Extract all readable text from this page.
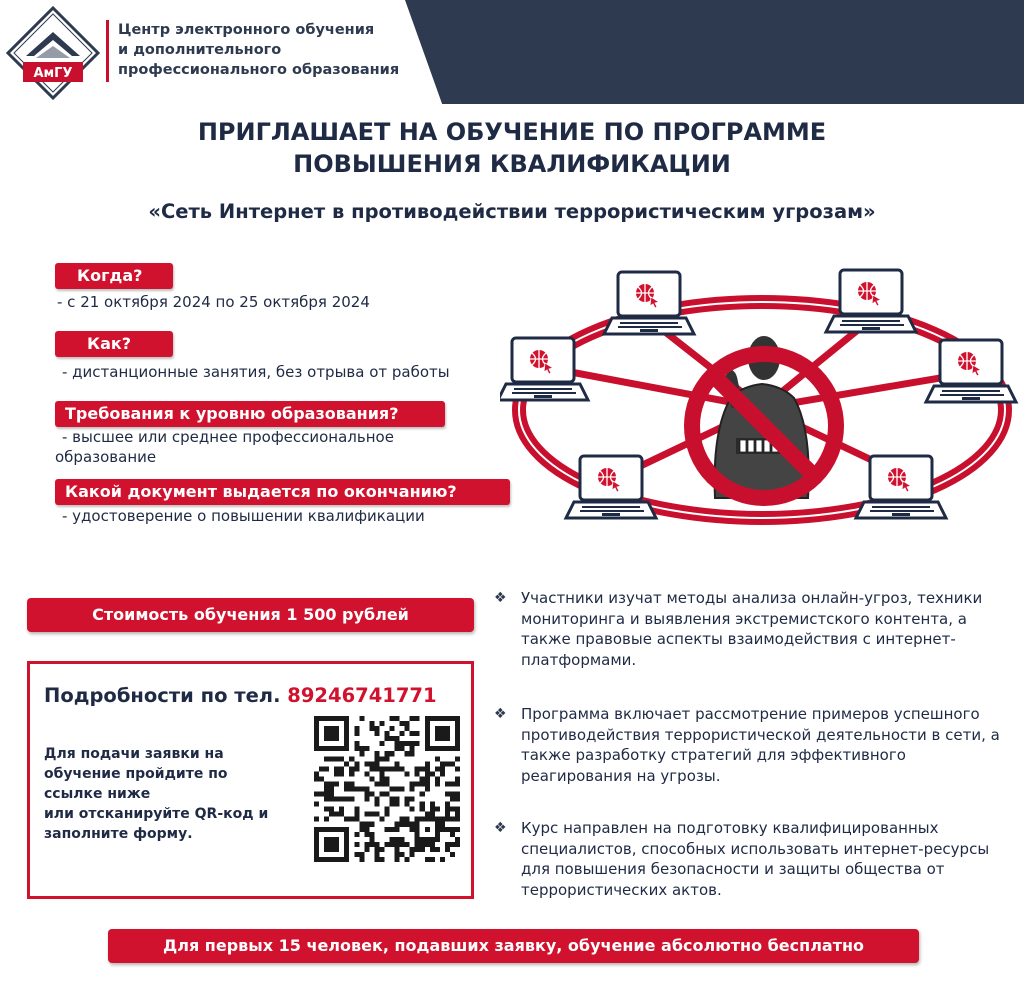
АмГУ
Центр электронного обучения
и дополнительного
профессионального образования
ПРИГЛАШАЕТ НА ОБУЧЕНИЕ ПО ПРОГРАММЕ
ПОВЫШЕНИЯ КВАЛИФИКАЦИИ
«Сеть Интернет в противодействии террористическим угрозам»
Когда?
- с 21 октября 2024 по 25 октября 2024
Как?
- дистанционные занятия, без отрыва от работы
Требования к уровню образования?
- высшее или среднее профессиональное
образование
Какой документ выдается по окончанию?
- удостоверение о повышении квалификации
Стоимость обучения 1 500 рублей
Подробности по тел. 89246741771
Для подачи заявки на
обучение пройдите по
ссылке ниже
или отсканируйте QR-код и
заполните форму.
❖ Участники изучат методы анализа онлайн-угроз, техники мониторинга и выявления экстремистского контента, а также правовые аспекты взаимодействия с интернет-платформами.
❖ Программа включает рассмотрение примеров успешного противодействия террористической деятельности в сети, а также разработку стратегий для эффективного реагирования на угрозы.
❖ Курс направлен на подготовку квалифицированных специалистов, способных использовать интернет-ресурсы для повышения безопасности и защиты общества от террористических актов.
Для первых 15 человек, подавших заявку, обучение абсолютно бесплатно
